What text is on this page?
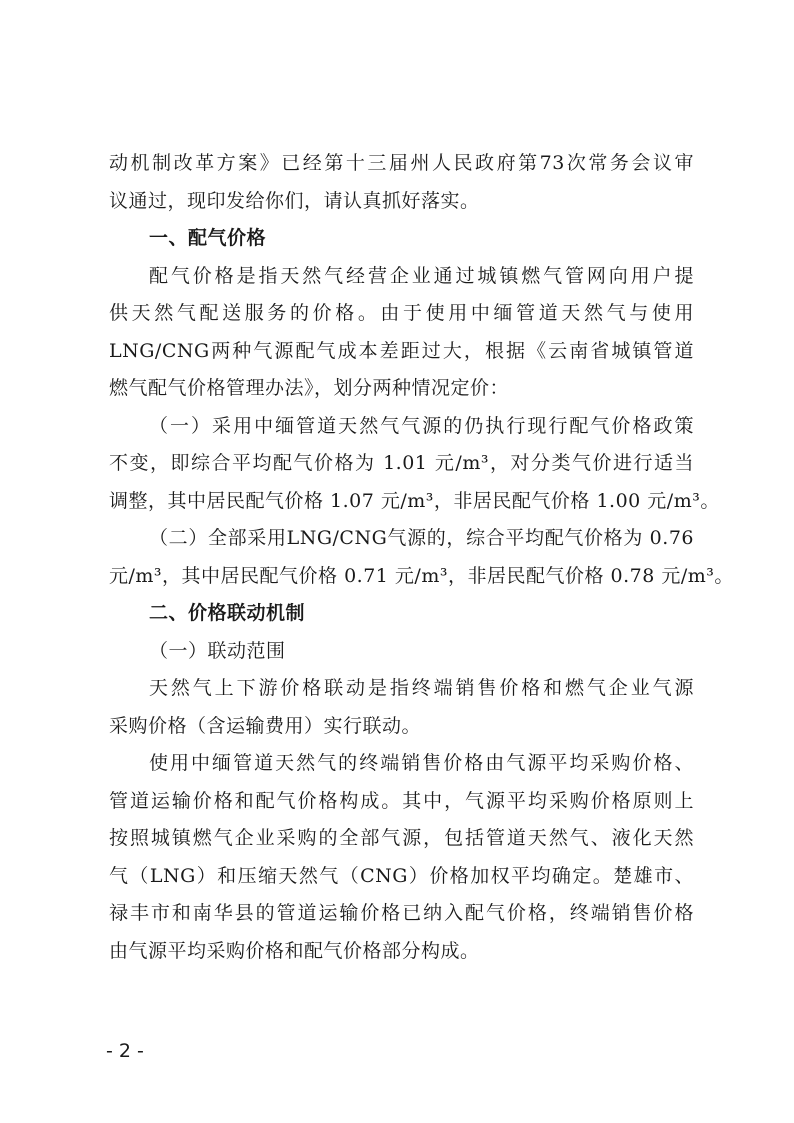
动机制改革方案》已经第十三届州人民政府第73次常务会议审
议通过，现印发给你们，请认真抓好落实。
一、配气价格
配气价格是指天然气经营企业通过城镇燃气管网向用户提
供天然气配送服务的价格。由于使用中缅管道天然气与使用
LNG/CNG两种气源配气成本差距过大，根据《云南省城镇管道
燃气配气价格管理办法》，划分两种情况定价：
（一）采用中缅管道天然气气源的仍执行现行配气价格政策
不变，即综合平均配气价格为 1.01 元/m³，对分类气价进行适当
调整，其中居民配气价格 1.07 元/m³，非居民配气价格 1.00 元/m³。
（二）全部采用LNG/CNG气源的，综合平均配气价格为 0.76
元/m³，其中居民配气价格 0.71 元/m³，非居民配气价格 0.78 元/m³。
二、价格联动机制
（一）联动范围
天然气上下游价格联动是指终端销售价格和燃气企业气源
采购价格（含运输费用）实行联动。
使用中缅管道天然气的终端销售价格由气源平均采购价格、
管道运输价格和配气价格构成。其中，气源平均采购价格原则上
按照城镇燃气企业采购的全部气源，包括管道天然气、液化天然
气（LNG）和压缩天然气（CNG）价格加权平均确定。楚雄市、
禄丰市和南华县的管道运输价格已纳入配气价格，终端销售价格
由气源平均采购价格和配气价格部分构成。
- 2 -
